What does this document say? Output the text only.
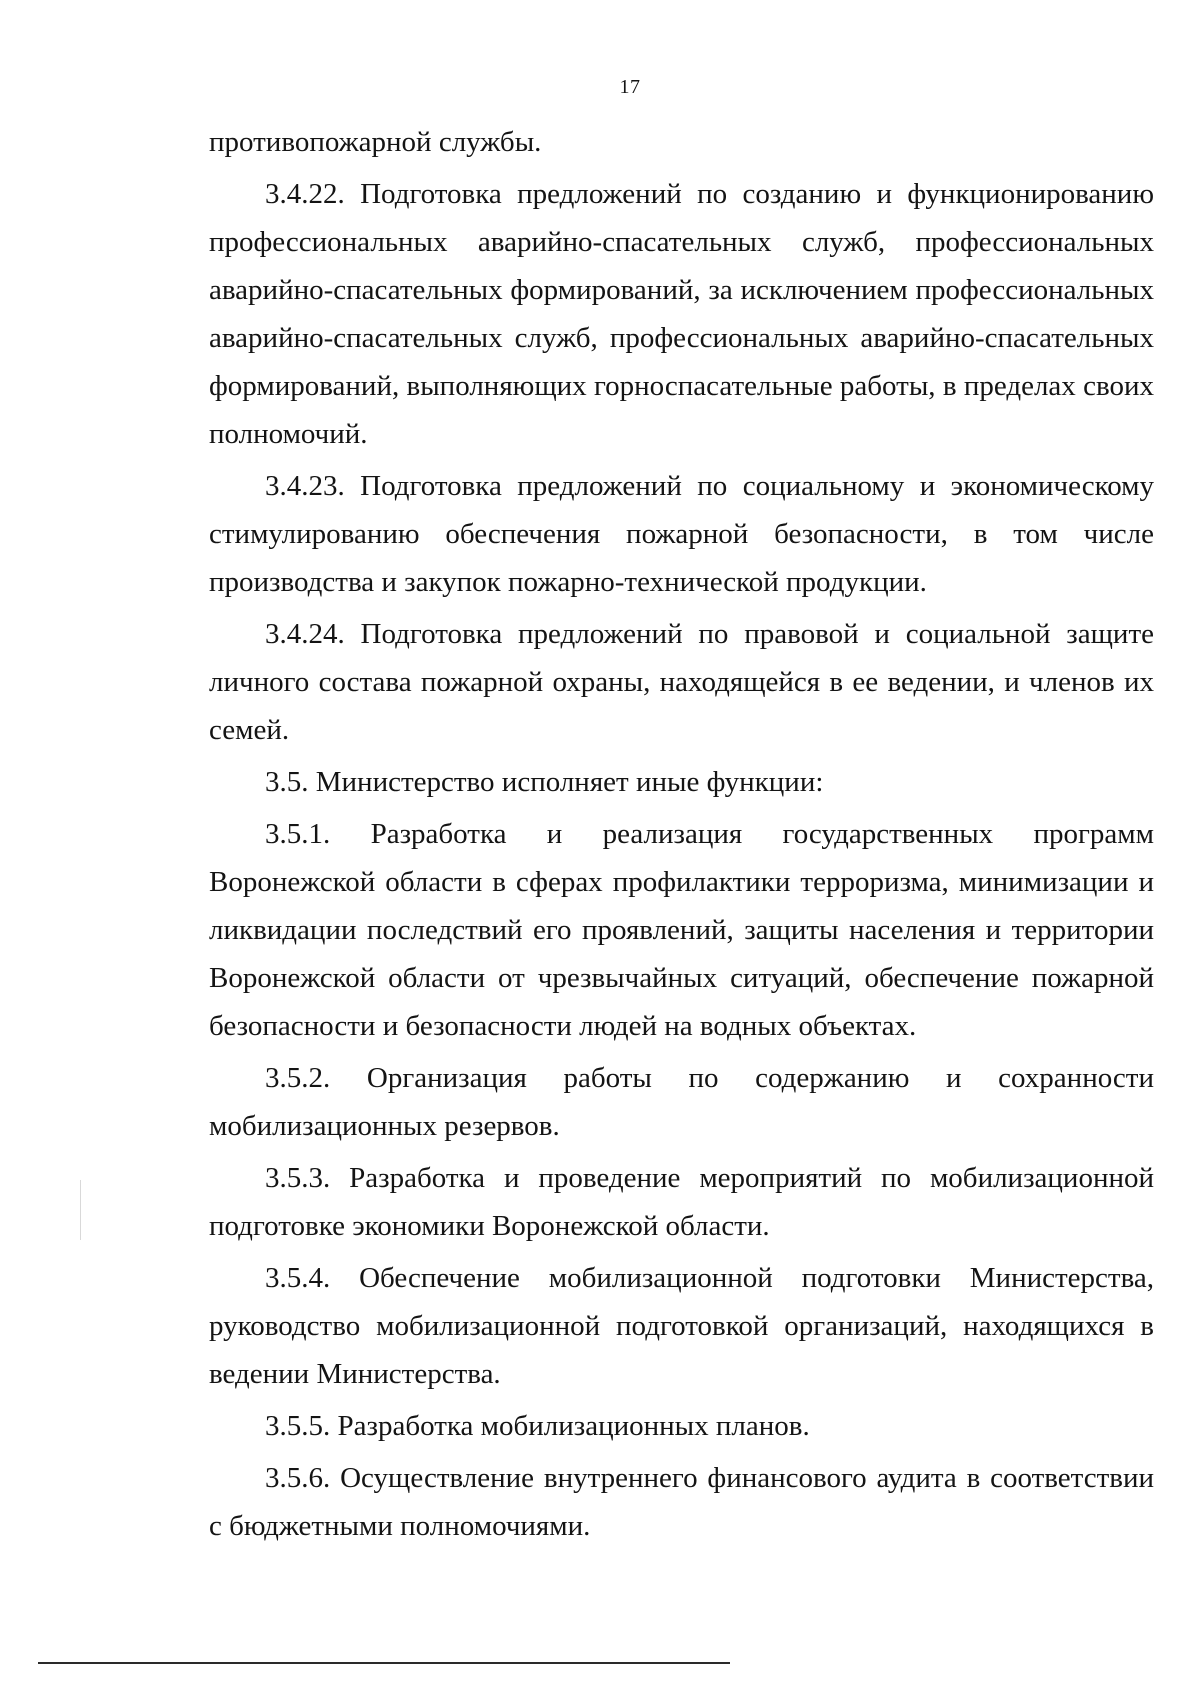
17

противопожарной службы.

3.4.22. Подготовка предложений по созданию и функционированию профессиональных аварийно-спасательных служб, профессиональных аварийно-спасательных формирований, за исключением профессиональных аварийно-спасательных служб, профессиональных аварийно-спасательных формирований, выполняющих горноспасательные работы, в пределах своих полномочий.

3.4.23. Подготовка предложений по социальному и экономическому стимулированию обеспечения пожарной безопасности, в том числе производства и закупок пожарно-технической продукции.

3.4.24. Подготовка предложений по правовой и социальной защите личного состава пожарной охраны, находящейся в ее ведении, и членов их семей.

3.5. Министерство исполняет иные функции:

3.5.1. Разработка и реализация государственных программ Воронежской области в сферах профилактики терроризма, минимизации и ликвидации последствий его проявлений, защиты населения и территории Воронежской области от чрезвычайных ситуаций, обеспечение пожарной безопасности и безопасности людей на водных объектах.

3.5.2. Организация работы по содержанию и сохранности мобилизационных резервов.

3.5.3. Разработка и проведение мероприятий по мобилизационной подготовке экономики Воронежской области.

3.5.4. Обеспечение мобилизационной подготовки Министерства, руководство мобилизационной подготовкой организаций, находящихся в ведении Министерства.

3.5.5. Разработка мобилизационных планов.

3.5.6. Осуществление внутреннего финансового аудита в соответствии с бюджетными полномочиями.
